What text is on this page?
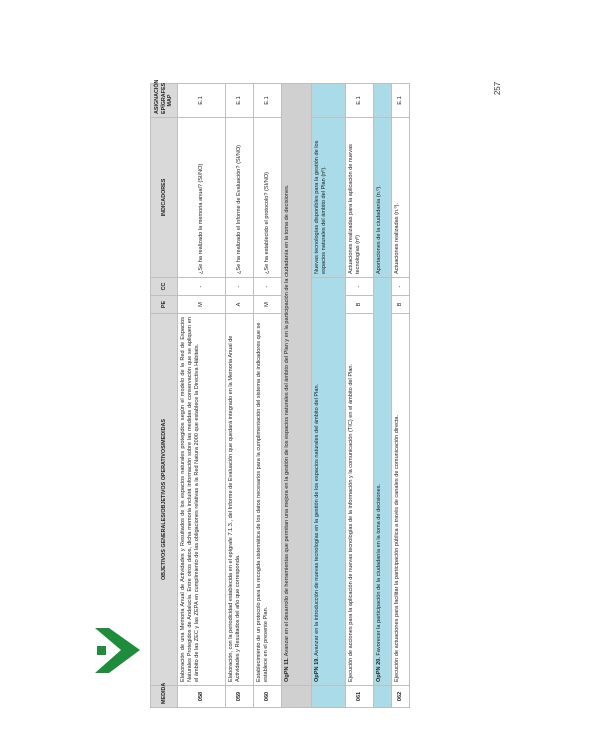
257
MEDIDA	OBJETIVOS GENERALES/OBJETIVOS OPERATIVOS/MEDIDAS	PE	CC	INDICADORES	ASIGNACIÓN EPÍGRAFES MAP
058	Elaboración de una Memoria Anual de Actividades y Resultados de los espacios naturales protegidos según el modelo de la Red de Espacios Naturales Protegidos de Andalucía. Entre otros datos, dicha memoria incluirá información sobre las medidas de conservación que se apliquen en el ámbito de las ZEC y las ZEPA en cumplimiento de las obligaciones relativas a la Red Natura 2000 que establece la Directiva Hábitats.	M	-	¿Se ha realizado la memoria anual? (SI/NO)	E.1
059	Elaboración, con la periodicidad establecida en el epígrafe 7.1.3., del Informe de Evaluación que quedará integrado en la Memoria Anual de Actividades y Resultados del año que corresponda.	A	-	¿Se ha realizado el Informe de Evaluación? (SI/NO)	E.1
060	Establecimiento de un protocolo para la recogida sistemática de los datos necesarios para la cumplimentación del sistema de indicadores que se establece en el presente Plan.	M	-	¿Se ha establecido el protocolo? (SI/NO)	E.1
	OgPN 11. Avanzar en el desarrollo de herramientas que permitan una mejora en la gestión de los espacios naturales del ámbito del Plan y en la participación de la ciudadanía en la toma de decisiones.				
	OpPN 19. Avanzar en la introducción de nuevas tecnologías en la gestión de los espacios naturales del ámbito del Plan.			Nuevas tecnologías disponibles para la gestión de los espacios naturales del ámbito del Plan (nº).	
061	Ejecución de acciones para la aplicación de nuevas tecnologías de la información y la comunicación (TIC) en el ámbito del Plan.	B	-	Actuaciones realizadas para la aplicación de nuevas tecnologías (nº)	E.1
	OpPN 20. Favorecer la participación de la ciudadanía en la toma de decisiones.			Aportaciones de la ciudadanía (n.º).	
062	Ejecución de actuaciones para facilitar la participación pública a través de canales de comunicación directa.	B	-	Actuaciones realizadas (n.º).	E.1
